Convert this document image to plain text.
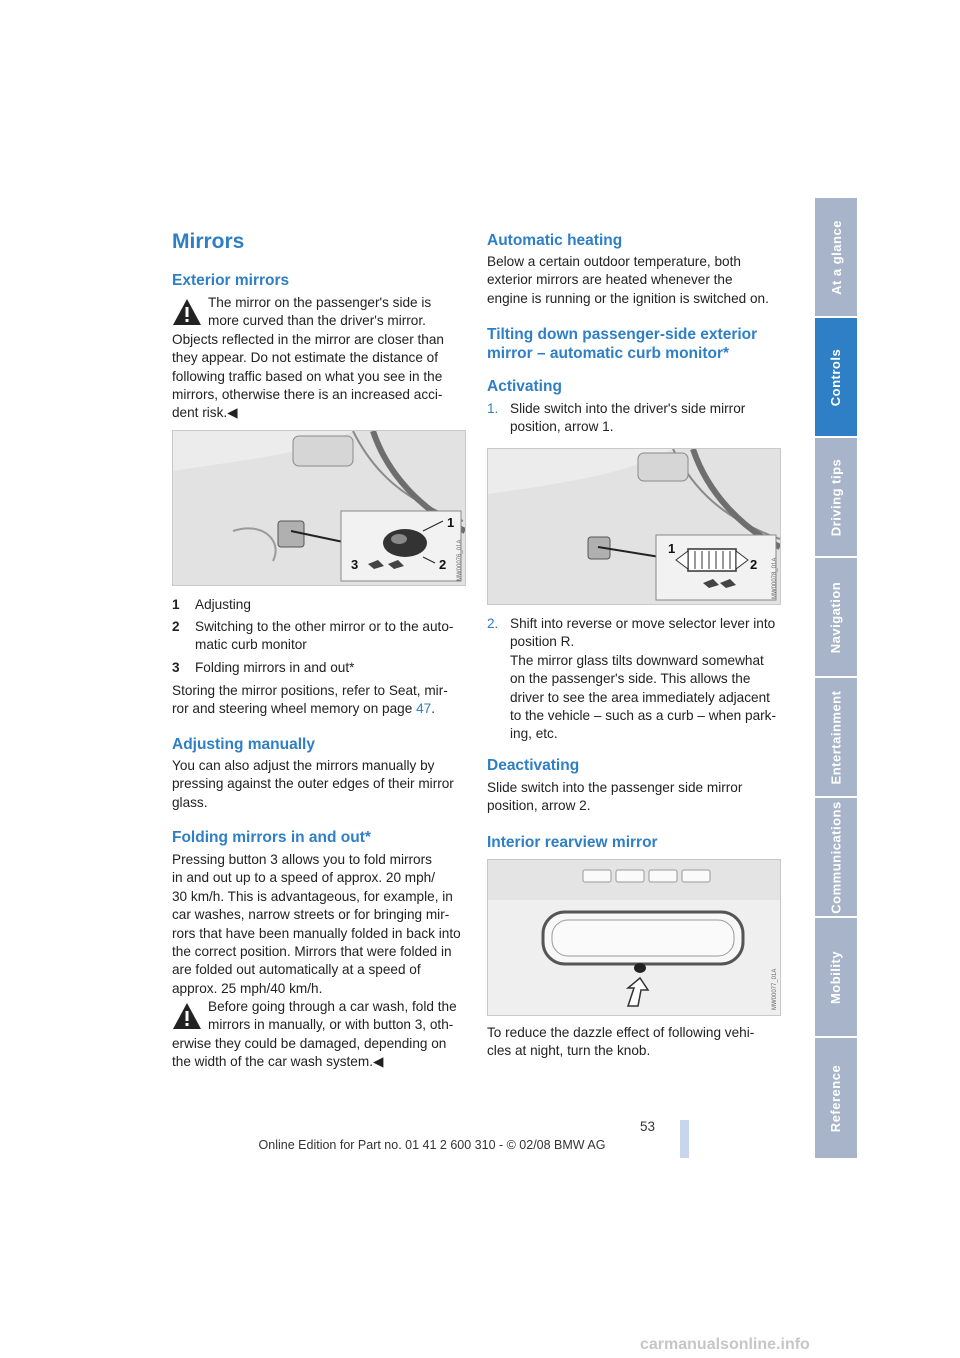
At a glance
Controls
Driving tips
Navigation
Entertainment
Communications
Mobility
Reference
Mirrors
Exterior mirrors
The mirror on the passenger's side is
more curved than the driver's mirror.
Objects reflected in the mirror are closer than
they appear. Do not estimate the distance of
following traffic based on what you see in the
mirrors, otherwise there is an increased acci-
dent risk.◀
1
2
3	MW00076_01A
1 Adjusting
2 Switching to the other mirror or to the auto-
matic curb monitor
3 Folding mirrors in and out*
Storing the mirror positions, refer to Seat, mir-
ror and steering wheel memory on page 47.
Adjusting manually
You can also adjust the mirrors manually by
pressing against the outer edges of their mirror
glass.
Folding mirrors in and out*
Pressing button 3 allows you to fold mirrors
in and out up to a speed of approx. 20 mph/
30 km/h. This is advantageous, for example, in
car washes, narrow streets or for bringing mir-
rors that have been manually folded in back into
the correct position. Mirrors that were folded in
are folded out automatically at a speed of
approx. 25 mph/40 km/h.
Before going through a car wash, fold the
mirrors in manually, or with button 3, oth-
erwise they could be damaged, depending on
the width of the car wash system.◀
Automatic heating
Below a certain outdoor temperature, both
exterior mirrors are heated whenever the
engine is running or the ignition is switched on.
Tilting down passenger-side exterior
mirror – automatic curb monitor*
Activating
1. Slide switch into the driver's side mirror
position, arrow 1.
1
2 MW00078_01A
2. Shift into reverse or move selector lever into
position R.
The mirror glass tilts downward somewhat
on the passenger's side. This allows the
driver to see the area immediately adjacent
to the vehicle – such as a curb – when park-
ing, etc.
Deactivating
Slide switch into the passenger side mirror
position, arrow 2.
Interior rearview mirror
MW00077_01A
To reduce the dazzle effect of following vehi-
cles at night, turn the knob.
53
Online Edition for Part no. 01 41 2 600 310 - © 02/08 BMW AG
carmanualsonline.info
